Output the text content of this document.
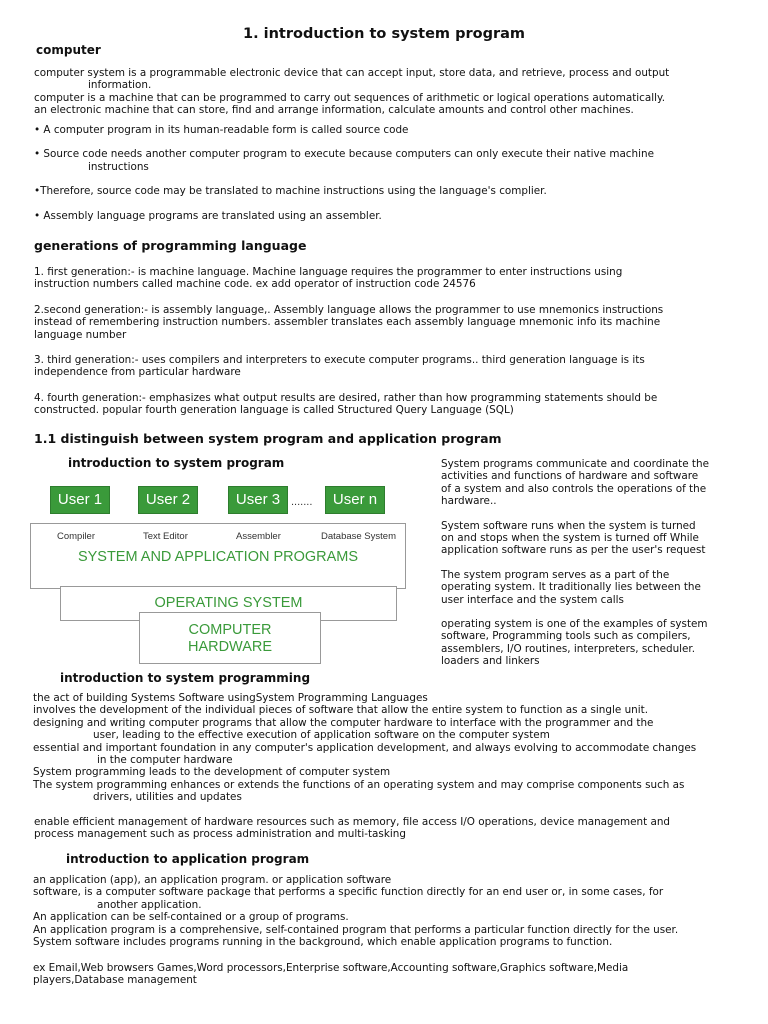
1. introduction to system program
computer

computer system is a programmable electronic device that can accept input, store data, and retrieve, process and output

information.

computer is a machine that can be programmed to carry out sequences of arithmetic or logical operations automatically.

an electronic machine that can store, find and arrange information, calculate amounts and control other machines.

• A computer program in its human-readable form is called source code

• Source code needs another computer program to execute because computers can only execute their native machine

instructions

•Therefore, source code may be translated to machine instructions using the language's complier.

• Assembly language programs are translated using an assembler.

generations of programming language

1. first generation:- is machine language. Machine language requires the programmer to enter instructions using

instruction numbers called machine code. ex add operator of instruction code 24576

2.second generation:- is assembly language,. Assembly language allows the programmer to use mnemonics instructions

instead of remembering instruction numbers. assembler translates each assembly language mnemonic info its machine

language number

3. third generation:- uses compilers and interpreters to execute computer programs.. third generation language is its

independence from particular hardware

4. fourth generation:- emphasizes what output results are desired, rather than how programming statements should be

constructed. popular fourth generation language is called Structured Query Language (SQL)

1.1 distinguish between system program and application program
introduction to system program
SYSTEM AND APPLICATION PROGRAMS
User 1	User 2	User 3 .......	User n
Compiler	Text Editor	Assembler	Database System
OPERATING SYSTEM
COMPUTER
HARDWARE

System programs communicate and coordinate the

activities and functions of hardware and software

of a system and also controls the operations of the

hardware..

System software runs when the system is turned

on and stops when the system is turned off While

application software runs as per the user's request

The system program serves as a part of the

operating system. It traditionally lies between the

user interface and the system calls

operating system is one of the examples of system

software, Programming tools such as compilers,

assemblers, I/O routines, interpreters, scheduler.

loaders and linkers

introduction to system programming

the act of building Systems Software usingSystem Programming Languages

involves the development of the individual pieces of software that allow the entire system to function as a single unit.

designing and writing computer programs that allow the computer hardware to interface with the programmer and the

user, leading to the effective execution of application software on the computer system

essential and important foundation in any computer's application development, and always evolving to accommodate changes

in the computer hardware

System programming leads to the development of computer system

The system programming enhances or extends the functions of an operating system and may comprise components such as

drivers, utilities and updates

enable efficient management of hardware resources such as memory, file access I/O operations, device management and

process management such as process administration and multi-tasking

introduction to application program

an application (app), an application program. or application software

software, is a computer software package that performs a specific function directly for an end user or, in some cases, for

another application.

An application can be self-contained or a group of programs.

An application program is a comprehensive, self-contained program that performs a particular function directly for the user.

System software includes programs running in the background, which enable application programs to function.

ex Email,Web browsers Games,Word processors,Enterprise software,Accounting software,Graphics software,Media

players,Database management
